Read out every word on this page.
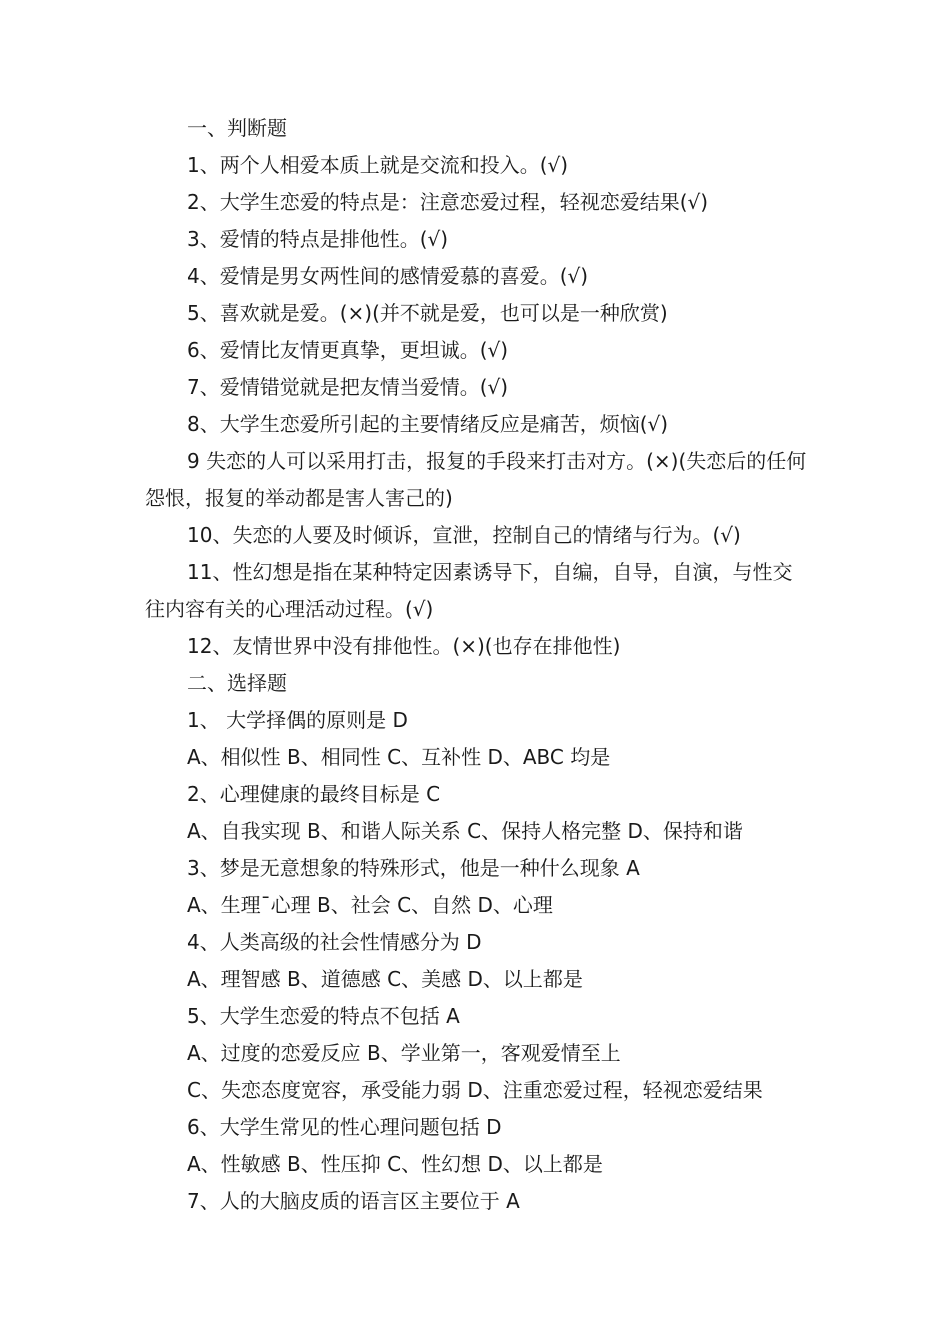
一、判断题

1、两个人相爱本质上就是交流和投入。(√)

2、大学生恋爱的特点是：注意恋爱过程，轻视恋爱结果(√)

3、爱情的特点是排他性。(√)

4、爱情是男女两性间的感情爱慕的喜爱。(√)

5、喜欢就是爱。(×)(并不就是爱，也可以是一种欣赏)

6、爱情比友情更真挚，更坦诚。(√)

7、爱情错觉就是把友情当爱情。(√)

8、大学生恋爱所引起的主要情绪反应是痛苦，烦恼(√)

9 失恋的人可以采用打击，报复的手段来打击对方。(×)(失恋后的任何怨恨，报复的举动都是害人害己的)

10、失恋的人要及时倾诉，宣泄，控制自己的情绪与行为。(√)

11、性幻想是指在某种特定因素诱导下，自编，自导，自演，与性交往内容有关的心理活动过程。(√)

12、友情世界中没有排他性。(×)(也存在排他性)

二、选择题

1、 大学择偶的原则是 D

A、相似性 B、相同性 C、互补性 D、ABC 均是

2、心理健康的最终目标是 C

A、自我实现 B、和谐人际关系 C、保持人格完整 D、保持和谐

3、梦是无意想象的特殊形式，他是一种什么现象 A

A、生理¯心理 B、社会 C、自然 D、心理

4、人类高级的社会性情感分为 D

A、理智感 B、道德感 C、美感 D、以上都是

5、大学生恋爱的特点不包括 A

A、过度的恋爱反应 B、学业第一，客观爱情至上

C、失恋态度宽容，承受能力弱 D、注重恋爱过程，轻视恋爱结果

6、大学生常见的性心理问题包括 D

A、性敏感 B、性压抑 C、性幻想 D、以上都是

7、人的大脑皮质的语言区主要位于 A
